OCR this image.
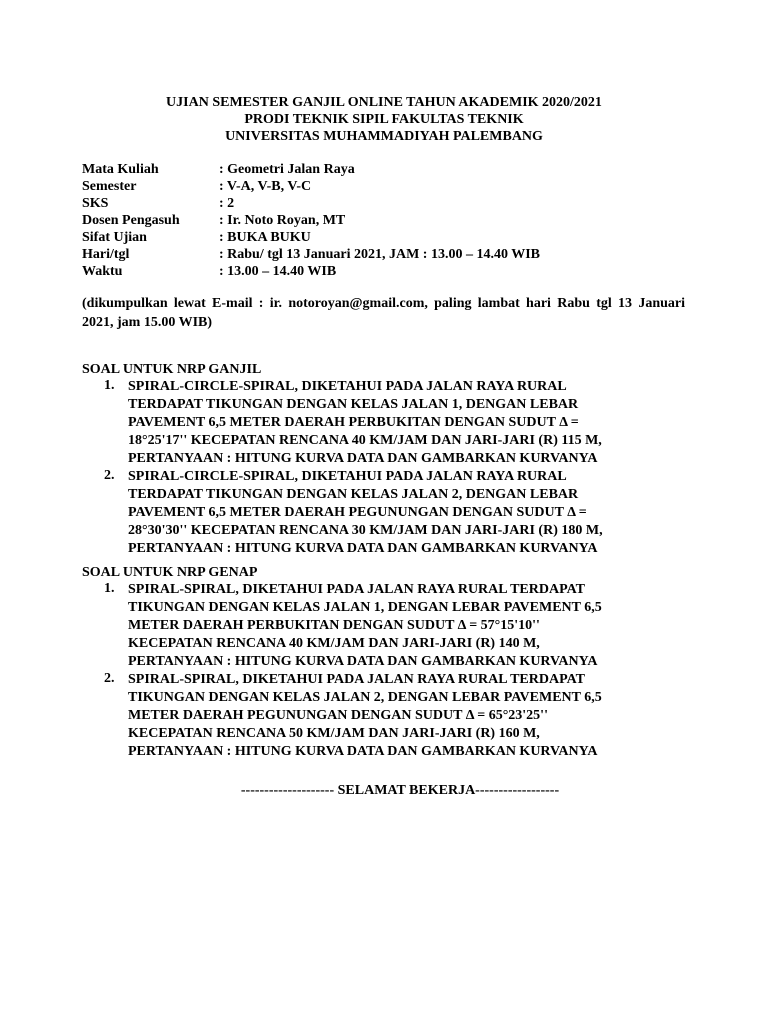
UJIAN SEMESTER GANJIL ONLINE TAHUN AKADEMIK 2020/2021
PRODI TEKNIK SIPIL FAKULTAS TEKNIK
UNIVERSITAS MUHAMMADIYAH PALEMBANG
Mata Kuliah	: Geometri Jalan Raya
Semester	: V-A, V-B, V-C
SKS	: 2
Dosen Pengasuh	: Ir. Noto Royan, MT
Sifat Ujian	: BUKA BUKU
Hari/tgl	: Rabu/ tgl 13 Januari 2021, JAM : 13.00 – 14.40 WIB
Waktu	: 13.00 – 14.40 WIB

(dikumpulkan lewat E-mail : ir. notoroyan@gmail.com, paling lambat hari Rabu tgl 13 Januari 2021, jam 15.00 WIB)

SOAL UNTUK NRP GANJIL
1. SPIRAL-CIRCLE-SPIRAL, DIKETAHUI PADA JALAN RAYA RURAL
TERDAPAT TIKUNGAN DENGAN KELAS JALAN 1, DENGAN LEBAR
PAVEMENT 6,5 METER DAERAH PERBUKITAN DENGAN SUDUT Δ =
18°25'17'' KECEPATAN RENCANA 40 KM/JAM DAN JARI-JARI (R) 115 M,
PERTANYAAN : HITUNG KURVA DATA DAN GAMBARKAN KURVANYA
2. SPIRAL-CIRCLE-SPIRAL, DIKETAHUI PADA JALAN RAYA RURAL
TERDAPAT TIKUNGAN DENGAN KELAS JALAN 2, DENGAN LEBAR
PAVEMENT 6,5 METER DAERAH PEGUNUNGAN DENGAN SUDUT Δ =
28°30'30'' KECEPATAN RENCANA 30 KM/JAM DAN JARI-JARI (R) 180 M,
PERTANYAAN : HITUNG KURVA DATA DAN GAMBARKAN KURVANYA
SOAL UNTUK NRP GENAP
1. SPIRAL-SPIRAL, DIKETAHUI PADA JALAN RAYA RURAL TERDAPAT
TIKUNGAN DENGAN KELAS JALAN 1, DENGAN LEBAR PAVEMENT 6,5
METER DAERAH PERBUKITAN DENGAN SUDUT Δ = 57°15'10''
KECEPATAN RENCANA 40 KM/JAM DAN JARI-JARI (R) 140 M,
PERTANYAAN : HITUNG KURVA DATA DAN GAMBARKAN KURVANYA
2. SPIRAL-SPIRAL, DIKETAHUI PADA JALAN RAYA RURAL TERDAPAT
TIKUNGAN DENGAN KELAS JALAN 2, DENGAN LEBAR PAVEMENT 6,5
METER DAERAH PEGUNUNGAN DENGAN SUDUT Δ = 65°23'25''
KECEPATAN RENCANA 50 KM/JAM DAN JARI-JARI (R) 160 M,
PERTANYAAN : HITUNG KURVA DATA DAN GAMBARKAN KURVANYA
-------------------- SELAMAT BEKERJA------------------
